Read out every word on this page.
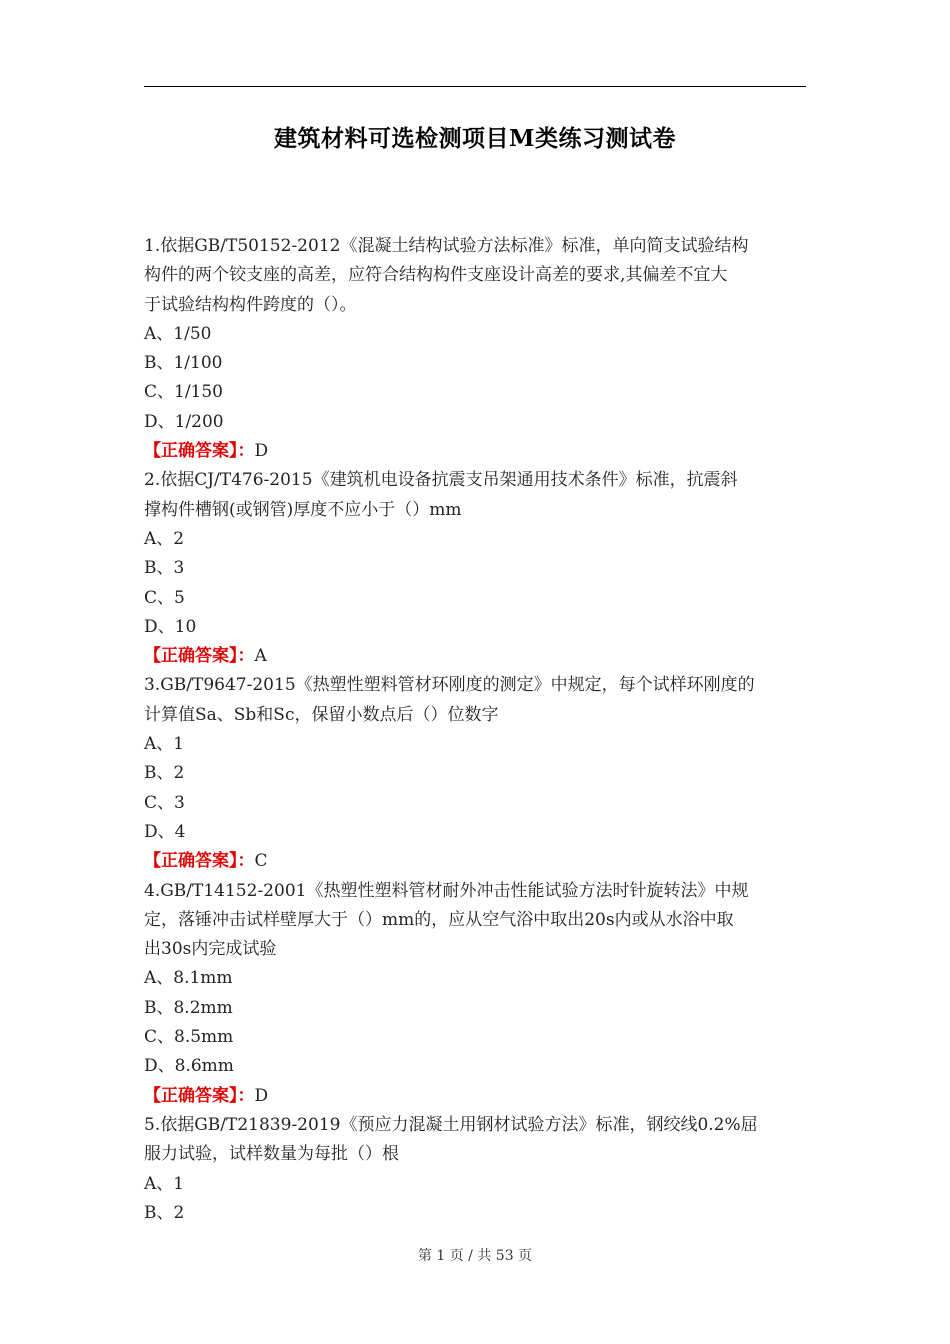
建筑材料可选检测项目M类练习测试卷
1.依据GB/T50152-2012《混凝土结构试验方法标准》标准，单向简支试验结构
构件的两个铰支座的高差，应符合结构构件支座设计高差的要求,其偏差不宜大
于试验结构构件跨度的（）。
A、1/50
B、1/100
C、1/150
D、1/200
【正确答案】：D
2.依据CJ/T476-2015《建筑机电设备抗震支吊架通用技术条件》标准，抗震斜
撑构件槽钢(或钢管)厚度不应小于（）mm
A、2
B、3
C、5
D、10
【正确答案】：A
3.GB/T9647-2015《热塑性塑料管材环刚度的测定》中规定，每个试样环刚度的
计算值Sa、Sb和Sc，保留小数点后（）位数字
A、1
B、2
C、3
D、4
【正确答案】：C
4.GB/T14152-2001《热塑性塑料管材耐外冲击性能试验方法时针旋转法》中规
定，落锤冲击试样壁厚大于（）mm的，应从空气浴中取出20s内或从水浴中取
出30s内完成试验
A、8.1mm
B、8.2mm
C、8.5mm
D、8.6mm
【正确答案】：D
5.依据GB/T21839-2019《预应力混凝土用钢材试验方法》标准，钢绞线0.2%屈
服力试验，试样数量为每批（）根
A、1
B、2
第 1 页 / 共 53 页
